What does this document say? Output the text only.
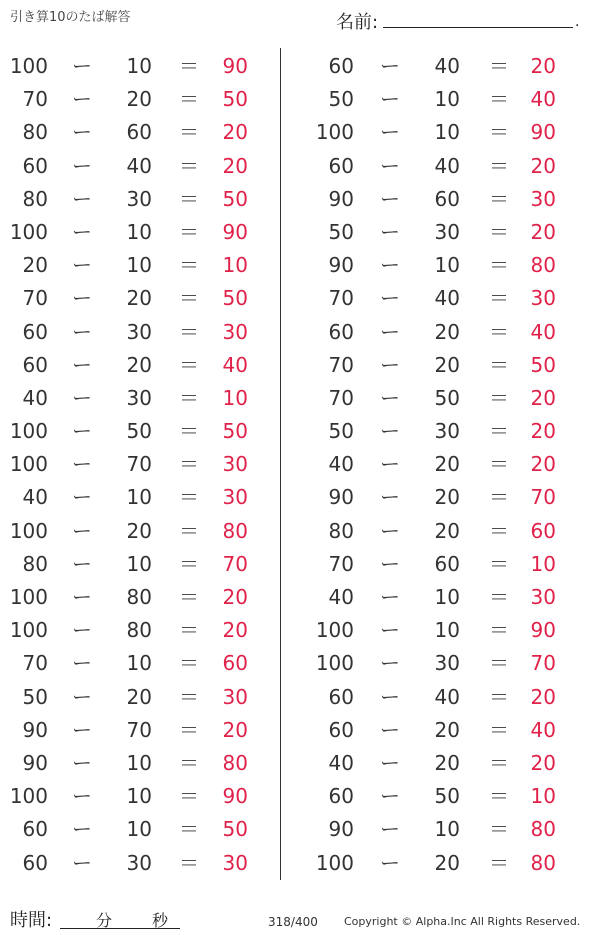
引き算10のたば解答	名前:	.
100 ー	10 ＝	90
70 ー	20 ＝	50
80 ー	60 ＝	20
60 ー	40 ＝	20
80 ー	30 ＝	50
100 ー	10 ＝	90
20 ー	10 ＝	10
70 ー	20 ＝	50
60 ー	30 ＝	30
60 ー	20 ＝	40
40 ー	30 ＝	10
100 ー	50 ＝	50
100 ー	70 ＝	30
40 ー	10 ＝	30
100 ー	20 ＝	80
80 ー	10 ＝	70
100 ー	80 ＝	20
100 ー	80 ＝	20
70 ー	10 ＝	60
50 ー	20 ＝	30
90 ー	70 ＝	20
90 ー	10 ＝	80
100 ー	10 ＝	90
60 ー	10 ＝	50
60 ー	30 ＝	30
60 ー	40 ＝	20
50 ー	10 ＝	40
100 ー	10 ＝	90
60 ー	40 ＝	20
90 ー	60 ＝	30
50 ー	30 ＝	20
90 ー	10 ＝	80
70 ー	40 ＝	30
60 ー	20 ＝	40
70 ー	20 ＝	50
70 ー	50 ＝	20
50 ー	30 ＝	20
40 ー	20 ＝	20
90 ー	20 ＝	70
80 ー	20 ＝	60
70 ー	60 ＝	10
40 ー	10 ＝	30
100 ー	10 ＝	90
100 ー	30 ＝	70
60 ー	40 ＝	20
60 ー	20 ＝	40
40 ー	20 ＝	20
60 ー	50 ＝	10
90 ー	10 ＝	80
100 ー	20 ＝	80
時間:	分 秒	318/400 Copyright © Alpha.Inc All Rights Reserved.
